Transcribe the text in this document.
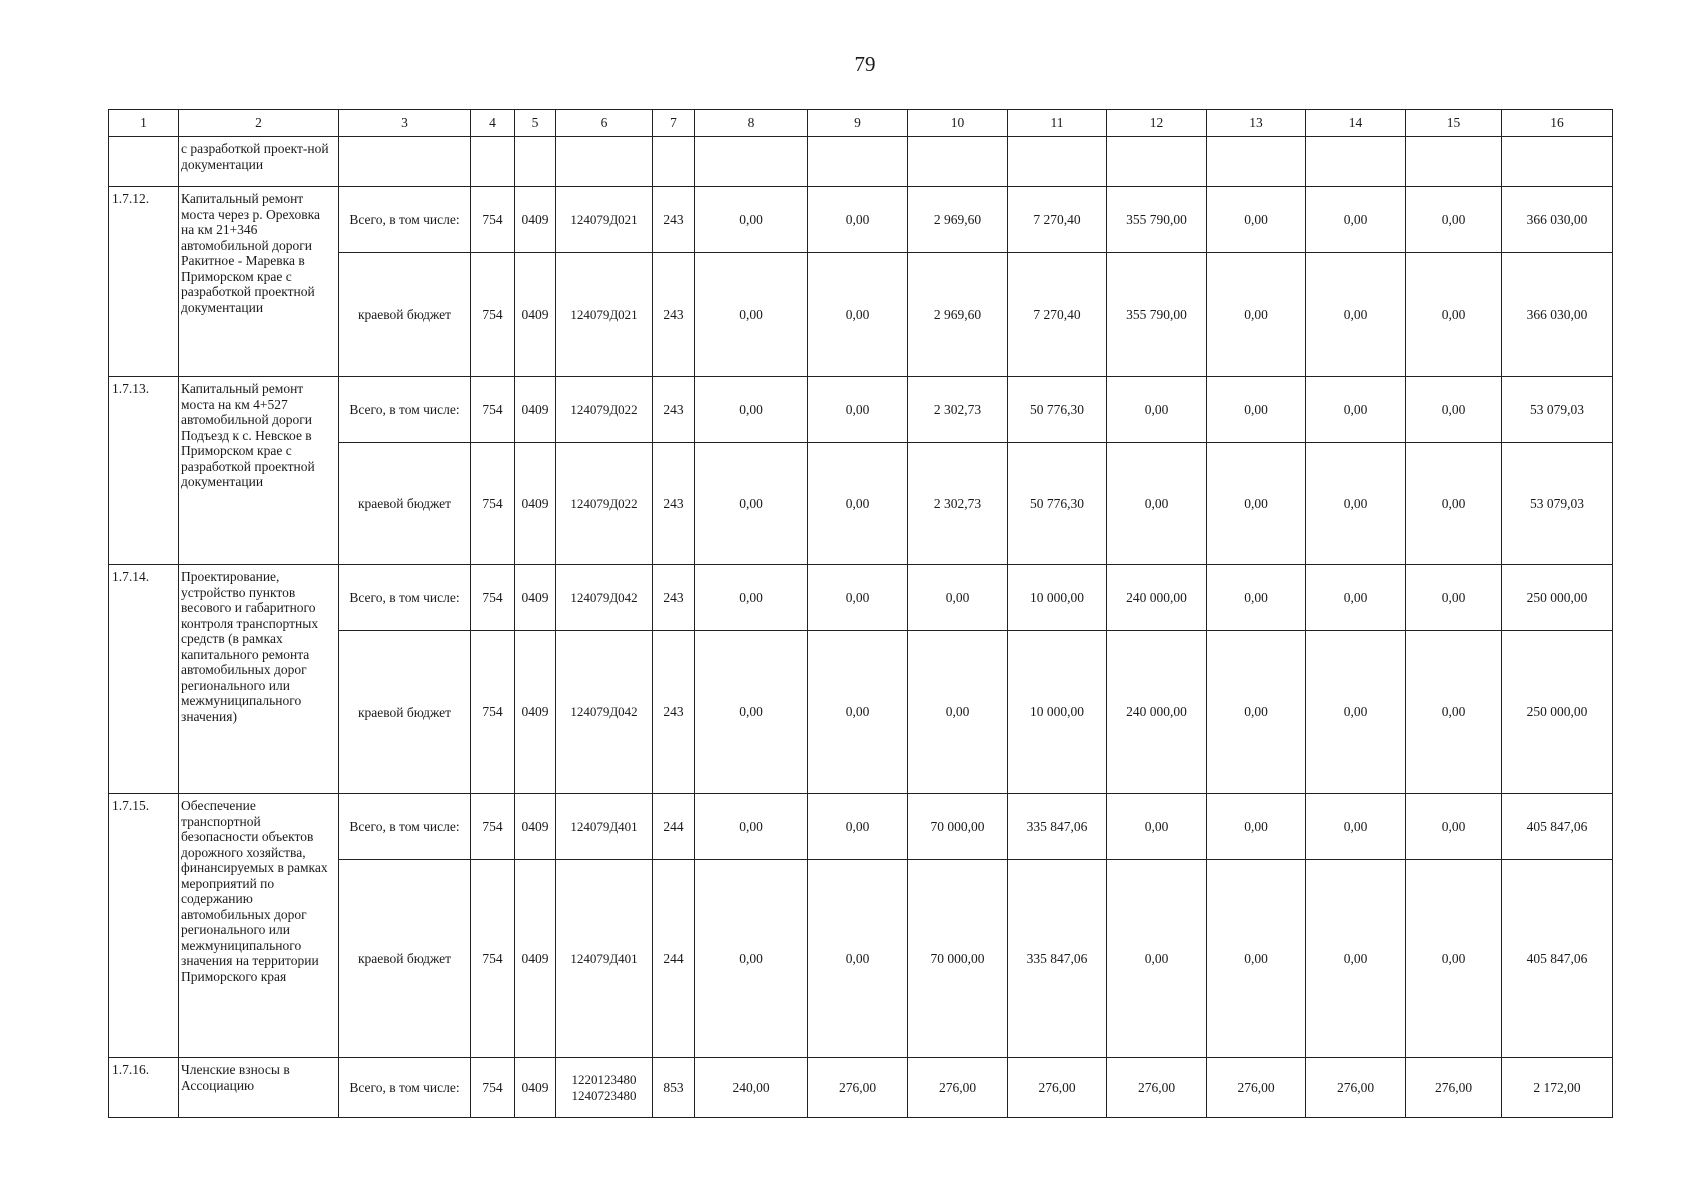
79
1	2	3	4	5	6	7	8	9	10	11	12	13	14	15	16
	с разработкой проект-ной документации														
1.7.12.	Капитальный ремонт моста через р. Ореховка на км 21+346 автомобильной дороги Ракитное - Маревка в Приморском крае с разработкой проектной документации	Всего, в том числе:	754	0409	124079Д021	243	0,00	0,00	2 969,60	7 270,40	355 790,00	0,00	0,00	0,00	366 030,00
		краевой бюджет	754	0409	124079Д021	243	0,00	0,00	2 969,60	7 270,40	355 790,00	0,00	0,00	0,00	366 030,00
1.7.13.	Капитальный ремонт моста на км 4+527 автомобильной дороги Подъезд к с. Невское в Приморском крае с разработкой проектной документации	Всего, в том числе:	754	0409	124079Д022	243	0,00	0,00	2 302,73	50 776,30	0,00	0,00	0,00	0,00	53 079,03
		краевой бюджет	754	0409	124079Д022	243	0,00	0,00	2 302,73	50 776,30	0,00	0,00	0,00	0,00	53 079,03
1.7.14.	Проектирование, устройство пунктов весового и габаритного контроля транспортных средств (в рамках капитального ремонта автомобильных дорог регионального или межмуниципального значения)	Всего, в том числе:	754	0409	124079Д042	243	0,00	0,00	0,00	10 000,00	240 000,00	0,00	0,00	0,00	250 000,00
		краевой бюджет	754	0409	124079Д042	243	0,00	0,00	0,00	10 000,00	240 000,00	0,00	0,00	0,00	250 000,00
1.7.15.	Обеспечение транспортной безопасности объектов дорожного хозяйства, финансируемых в рамках мероприятий по содержанию автомобильных дорог регионального или межмуниципального значения на территории Приморского края	Всего, в том числе:	754	0409	124079Д401	244	0,00	0,00	70 000,00	335 847,06	0,00	0,00	0,00	0,00	405 847,06
		краевой бюджет	754	0409	124079Д401	244	0,00	0,00	70 000,00	335 847,06	0,00	0,00	0,00	0,00	405 847,06
1.7.16.	Членские взносы в Ассоциацию	Всего, в том числе:	754	0409	1220123480 1240723480	853	240,00	276,00	276,00	276,00	276,00	276,00	276,00	276,00	2 172,00
